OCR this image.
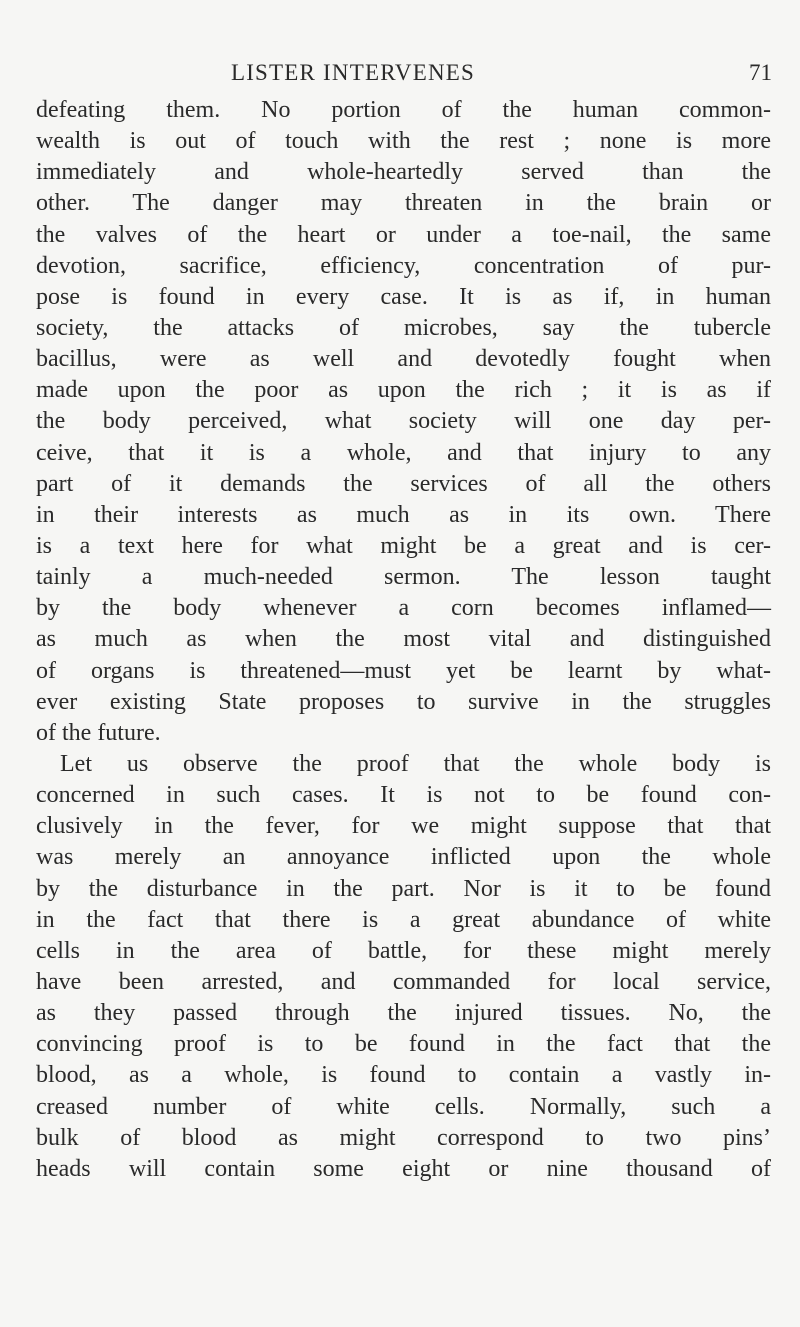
LISTER INTERVENES	71
defeating them. No portion of the human common-
wealth is out of touch with the rest ; none is more
immediately and whole-heartedly served than the
other. The danger may threaten in the brain or
the valves of the heart or under a toe-nail, the same
devotion, sacrifice, efficiency, concentration of pur-
pose is found in every case. It is as if, in human
society, the attacks of microbes, say the tubercle
bacillus, were as well and devotedly fought when
made upon the poor as upon the rich ; it is as if
the body perceived, what society will one day per-
ceive, that it is a whole, and that injury to any
part of it demands the services of all the others
in their interests as much as in its own. There
is a text here for what might be a great and is cer-
tainly a much-needed sermon. The lesson taught
by the body whenever a corn becomes inflamed—
as much as when the most vital and distinguished
of organs is threatened—must yet be learnt by what-
ever existing State proposes to survive in the struggles
of the future.
Let us observe the proof that the whole body is
concerned in such cases. It is not to be found con-
clusively in the fever, for we might suppose that that
was merely an annoyance inflicted upon the whole
by the disturbance in the part. Nor is it to be found
in the fact that there is a great abundance of white
cells in the area of battle, for these might merely
have been arrested, and commanded for local service,
as they passed through the injured tissues. No, the
convincing proof is to be found in the fact that the
blood, as a whole, is found to contain a vastly in-
creased number of white cells. Normally, such a
bulk of blood as might correspond to two pins’
heads will contain some eight or nine thousand of
